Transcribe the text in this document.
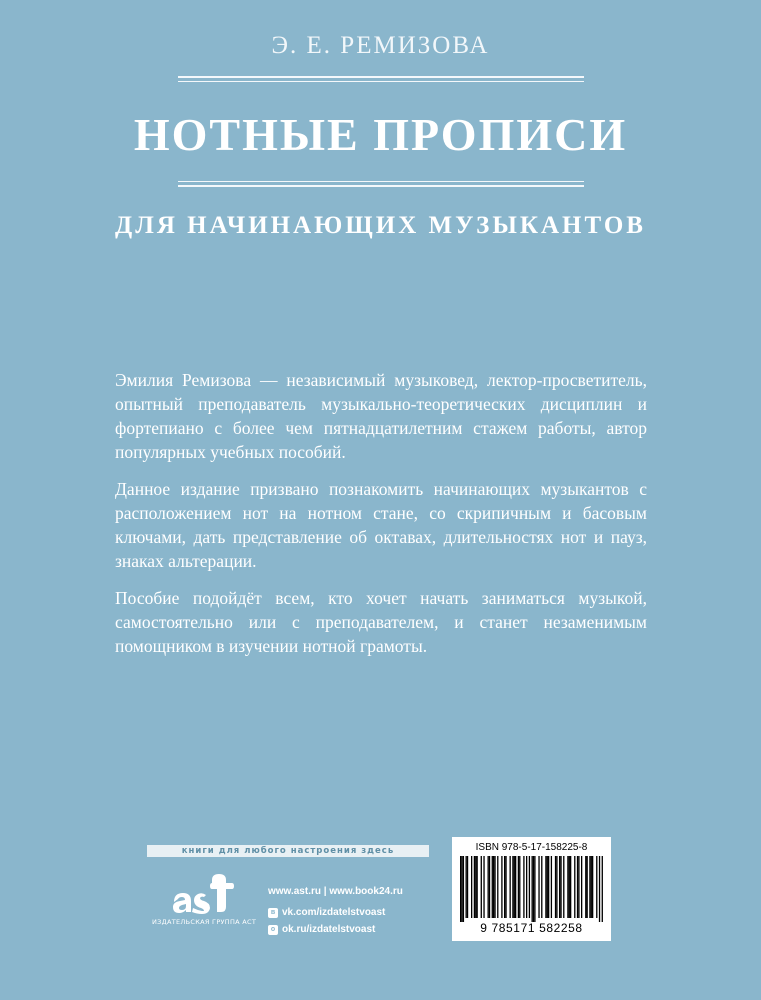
Э. Е. РЕМИЗОВА
НОТНЫЕ ПРОПИСИ
ДЛЯ НАЧИНАЮЩИХ МУЗЫКАНТОВ

Эмилия Ремизова — независимый музыковед, лектор-просветитель, опытный преподаватель музыкально-теоретических дисциплин и фортепиано с более чем пятнадцатилетним стажем работы, автор популярных учебных пособий.

Данное издание призвано познакомить начинающих музыкантов с расположением нот на нотном стане, со скрипичным и басовым ключами, дать представление об октавах, длительностях нот и пауз, знаках альтерации.

Пособие подойдёт всем, кто хочет начать заниматься музыкой, самостоятельно или с преподавателем, и станет незаменимым помощником в изучении нотной грамоты.

книги для любого настроения здесь
ИЗДАТЕЛЬСКАЯ ГРУППА АСТ
www.ast.ru | www.book24.ru
в vk.com/izdatelstvoast
о ok.ru/izdatelstvoast
ISBN 978-5-17-158225-8
9 785171 582258
